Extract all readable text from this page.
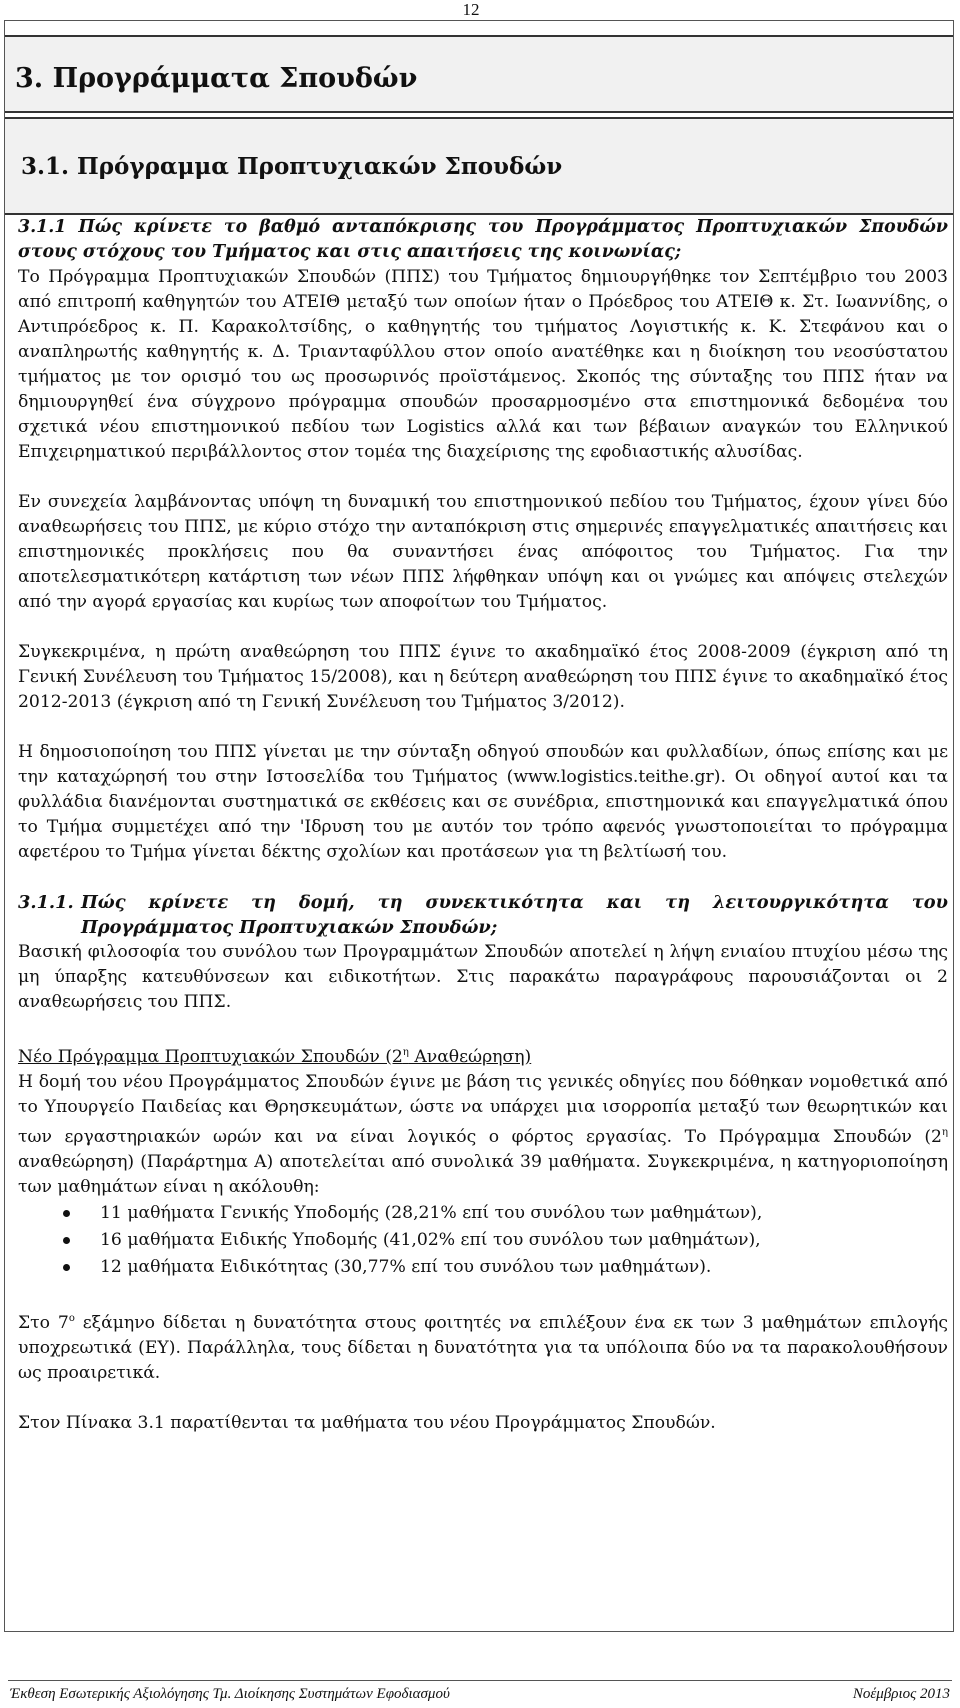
12
3. Προγράμματα Σπουδών
3.1. Πρόγραμμα Προπτυχιακών Σπουδών

3.1.1 Πώς κρίνετε το βαθμό ανταπόκρισης του Προγράμματος Προπτυχιακών Σπουδών στους στόχους του Τμήματος και στις απαιτήσεις της κοινωνίας;

Το Πρόγραμμα Προπτυχιακών Σπουδών (ΠΠΣ) του Τμήματος δημιουργήθηκε τον Σεπτέμβριο του 2003 από επιτροπή καθηγητών του ΑΤΕΙΘ μεταξύ των οποίων ήταν ο Πρόεδρος του ΑΤΕΙΘ κ. Στ. Ιωαννίδης, ο Αντιπρόεδρος κ. Π. Καρακολτσίδης, ο καθηγητής του τμήματος Λογιστικής κ. Κ. Στεφάνου και ο αναπληρωτής καθηγητής κ. Δ. Τριανταφύλλου στον οποίο ανατέθηκε και η διοίκηση του νεοσύστατου τμήματος με τον ορισμό του ως προσωρινός προϊστάμενος. Σκοπός της σύνταξης του ΠΠΣ ήταν να δημιουργηθεί ένα σύγχρονο πρόγραμμα σπουδών προσαρμοσμένο στα επιστημονικά δεδομένα του σχετικά νέου επιστημονικού πεδίου των Logistics αλλά και των βέβαιων αναγκών του Ελληνικού Επιχειρηματικού περιβάλλοντος στον τομέα της διαχείρισης της εφοδιαστικής αλυσίδας.

Εν συνεχεία λαμβάνοντας υπόψη τη δυναμική του επιστημονικού πεδίου του Τμήματος, έχουν γίνει δύο αναθεωρήσεις του ΠΠΣ, με κύριο στόχο την ανταπόκριση στις σημερινές επαγγελματικές απαιτήσεις και επιστημονικές προκλήσεις που θα συναντήσει ένας απόφοιτος του Τμήματος. Για την αποτελεσματικότερη κατάρτιση των νέων ΠΠΣ λήφθηκαν υπόψη και οι γνώμες και απόψεις στελεχών από την αγορά εργασίας και κυρίως των αποφοίτων του Τμήματος.

Συγκεκριμένα, η πρώτη αναθεώρηση του ΠΠΣ έγινε το ακαδημαϊκό έτος 2008-2009 (έγκριση από τη Γενική Συνέλευση του Τμήματος 15/2008), και η δεύτερη αναθεώρηση του ΠΠΣ έγινε το ακαδημαϊκό έτος 2012-2013 (έγκριση από τη Γενική Συνέλευση του Τμήματος 3/2012).

Η δημοσιοποίηση του ΠΠΣ γίνεται με την σύνταξη οδηγού σπουδών και φυλλαδίων, όπως επίσης και με την καταχώρησή του στην Ιστοσελίδα του Τμήματος (www.logistics.teithe.gr). Οι οδηγοί αυτοί και τα φυλλάδια διανέμονται συστηματικά σε εκθέσεις και σε συνέδρια, επιστημονικά και επαγγελματικά όπου το Τμήμα συμμετέχει από την 'Ιδρυση του με αυτόν τον τρόπο αφενός γνωστοποιείται το πρόγραμμα αφετέρου το Τμήμα γίνεται δέκτης σχολίων και προτάσεων για τη βελτίωσή του.

3.1.1. Πώς κρίνετε τη δομή, τη συνεκτικότητα και τη λειτουργικότητα του
Προγράμματος Προπτυχιακών Σπουδών;

Βασική φιλοσοφία του συνόλου των Προγραμμάτων Σπουδών αποτελεί η λήψη ενιαίου πτυχίου μέσω της μη ύπαρξης κατευθύνσεων και ειδικοτήτων. Στις παρακάτω παραγράφους παρουσιάζονται οι 2 αναθεωρήσεις του ΠΠΣ.

Νέο Πρόγραμμα Προπτυχιακών Σπουδών ($2^\eta$ Αναθεώρηση)

Η δομή του νέου Προγράμματος Σπουδών έγινε με βάση τις γενικές οδηγίες που δόθηκαν νομοθετικά από το Υπουργείο Παιδείας και Θρησκευμάτων, ώστε να υπάρχει μια ισορροπία μεταξύ των θεωρητικών και των εργαστηριακών ωρών και να είναι λογικός ο φόρτος εργασίας. Το Πρόγραμμα Σπουδών ($2^\eta$ αναθεώρηση) (Παράρτημα Α) αποτελείται από συνολικά 39 μαθήματα. Συγκεκριμένα, η κατηγοριοποίηση των μαθημάτων είναι η ακόλουθη:

11 μαθήματα Γενικής Υποδομής (28,21% επί του συνόλου των μαθημάτων),
16 μαθήματα Ειδικής Υποδομής (41,02% επί του συνόλου των μαθημάτων),
12 μαθήματα Ειδικότητας (30,77% επί του συνόλου των μαθημάτων).

Στο $7^o$ εξάμηνο δίδεται η δυνατότητα στους φοιτητές να επιλέξουν ένα εκ των 3 μαθημάτων επιλογής υποχρεωτικά (ΕΥ). Παράλληλα, τους δίδεται η δυνατότητα για τα υπόλοιπα δύο να τα παρακολουθήσουν ως προαιρετικά.

Στον Πίνακα 3.1 παρατίθενται τα μαθήματα του νέου Προγράμματος Σπουδών.

Έκθεση Εσωτερικής Αξιολόγησης Τμ. Διοίκησης Συστημάτων Εφοδιασμού	Νοέμβριος 2013
